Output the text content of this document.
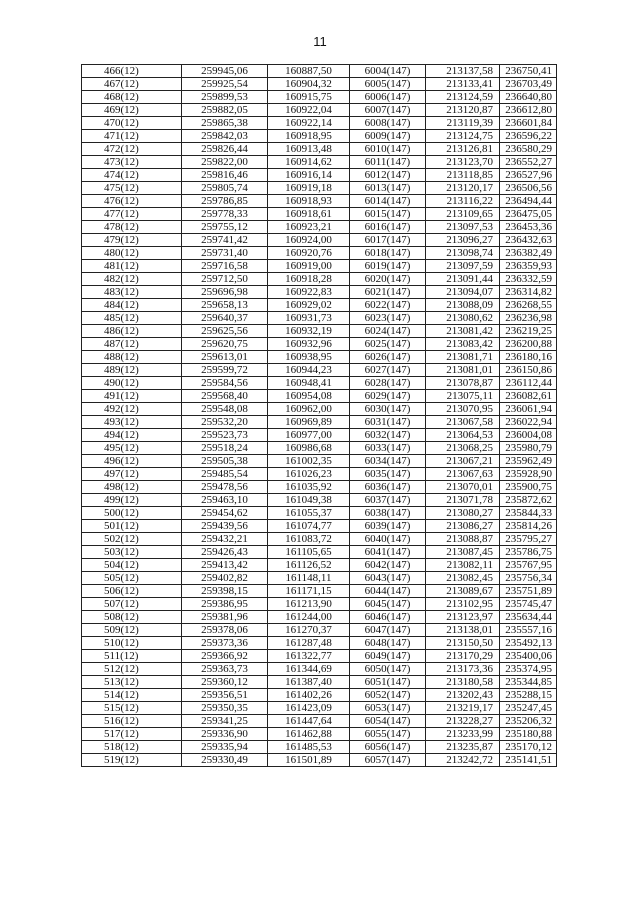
11
466(12)	259945,06	160887,50	6004(147)	213137,58	236750,41
467(12)	259925,54	160904,32	6005(147)	213133,41	236703,49
468(12)	259899,53	160915,75	6006(147)	213124,59	236640,80
469(12)	259882,05	160922,04	6007(147)	213120,87	236612,80
470(12)	259865,38	160922,14	6008(147)	213119,39	236601,84
471(12)	259842,03	160918,95	6009(147)	213124,75	236596,22
472(12)	259826,44	160913,48	6010(147)	213126,81	236580,29
473(12)	259822,00	160914,62	6011(147)	213123,70	236552,27
474(12)	259816,46	160916,14	6012(147)	213118,85	236527,96
475(12)	259805,74	160919,18	6013(147)	213120,17	236506,56
476(12)	259786,85	160918,93	6014(147)	213116,22	236494,44
477(12)	259778,33	160918,61	6015(147)	213109,65	236475,05
478(12)	259755,12	160923,21	6016(147)	213097,53	236453,36
479(12)	259741,42	160924,00	6017(147)	213096,27	236432,63
480(12)	259731,40	160920,76	6018(147)	213098,74	236382,49
481(12)	259716,58	160919,00	6019(147)	213097,59	236359,93
482(12)	259712,50	160918,28	6020(147)	213091,44	236332,59
483(12)	259696,98	160922,83	6021(147)	213094,07	236314,82
484(12)	259658,13	160929,02	6022(147)	213088,09	236268,55
485(12)	259640,37	160931,73	6023(147)	213080,62	236236,98
486(12)	259625,56	160932,19	6024(147)	213081,42	236219,25
487(12)	259620,75	160932,96	6025(147)	213083,42	236200,88
488(12)	259613,01	160938,95	6026(147)	213081,71	236180,16
489(12)	259599,72	160944,23	6027(147)	213081,01	236150,86
490(12)	259584,56	160948,41	6028(147)	213078,87	236112,44
491(12)	259568,40	160954,08	6029(147)	213075,11	236082,61
492(12)	259548,08	160962,00	6030(147)	213070,95	236061,94
493(12)	259532,20	160969,89	6031(147)	213067,58	236022,94
494(12)	259523,73	160977,00	6032(147)	213064,53	236004,08
495(12)	259518,24	160986,68	6033(147)	213068,25	235980,79
496(12)	259505,38	161002,35	6034(147)	213067,21	235962,49
497(12)	259485,54	161026,23	6035(147)	213067,63	235928,90
498(12)	259478,56	161035,92	6036(147)	213070,01	235900,75
499(12)	259463,10	161049,38	6037(147)	213071,78	235872,62
500(12)	259454,62	161055,37	6038(147)	213080,27	235844,33
501(12)	259439,56	161074,77	6039(147)	213086,27	235814,26
502(12)	259432,21	161083,72	6040(147)	213088,87	235795,27
503(12)	259426,43	161105,65	6041(147)	213087,45	235786,75
504(12)	259413,42	161126,52	6042(147)	213082,11	235767,95
505(12)	259402,82	161148,11	6043(147)	213082,45	235756,34
506(12)	259398,15	161171,15	6044(147)	213089,67	235751,89
507(12)	259386,95	161213,90	6045(147)	213102,95	235745,47
508(12)	259381,96	161244,00	6046(147)	213123,97	235634,44
509(12)	259378,06	161270,37	6047(147)	213138,01	235557,16
510(12)	259373,36	161287,48	6048(147)	213150,50	235492,13
511(12)	259366,92	161322,77	6049(147)	213170,29	235400,06
512(12)	259363,73	161344,69	6050(147)	213173,36	235374,95
513(12)	259360,12	161387,40	6051(147)	213180,58	235344,85
514(12)	259356,51	161402,26	6052(147)	213202,43	235288,15
515(12)	259350,35	161423,09	6053(147)	213219,17	235247,45
516(12)	259341,25	161447,64	6054(147)	213228,27	235206,32
517(12)	259336,90	161462,88	6055(147)	213233,99	235180,88
518(12)	259335,94	161485,53	6056(147)	213235,87	235170,12
519(12)	259330,49	161501,89	6057(147)	213242,72	235141,51
